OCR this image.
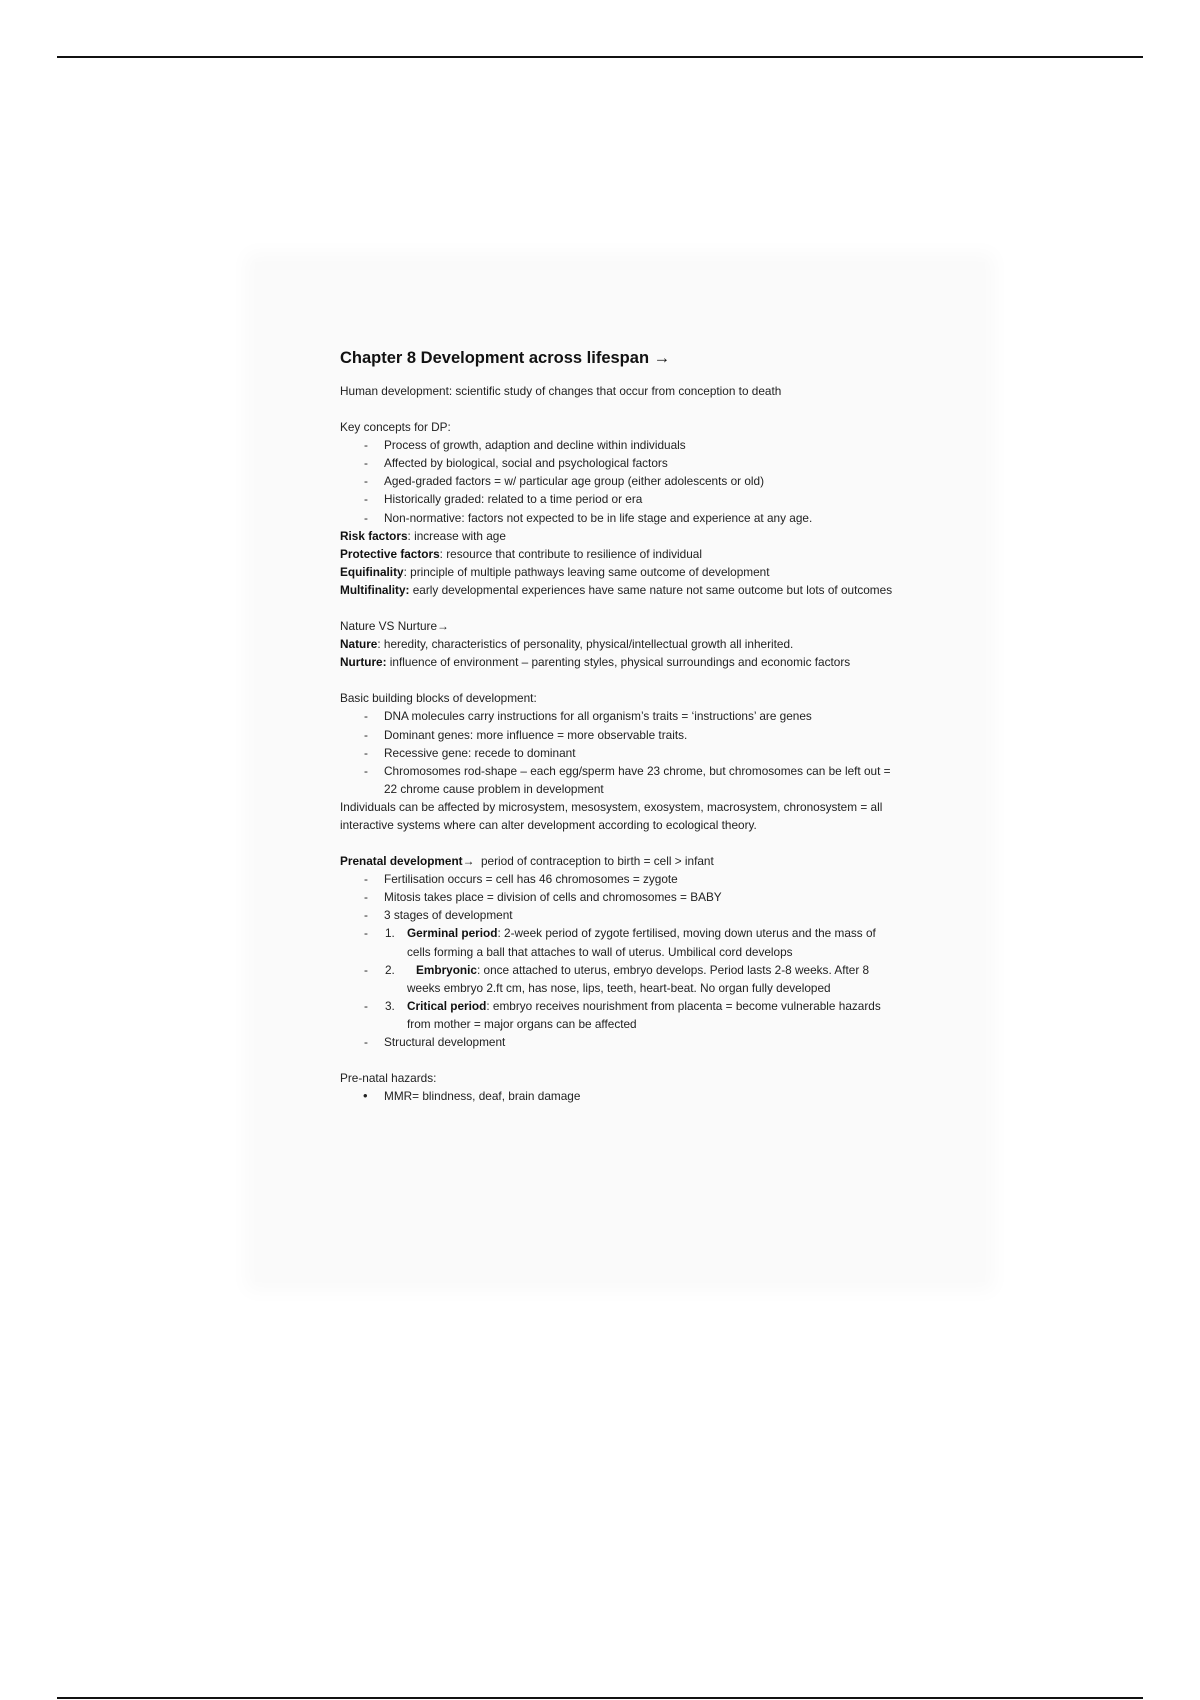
Chapter 8 Development across lifespan →

Human development: scientific study of changes that occur from conception to death

Key concepts for DP:

- Process of growth, adaption and decline within individuals
- Affected by biological, social and psychological factors
- Aged-graded factors = w/ particular age group (either adolescents or old)
- Historically graded: related to a time period or era
- Non-normative: factors not expected to be in life stage and experience at any age.

Risk factors: increase with age

Protective factors: resource that contribute to resilience of individual

Equifinality: principle of multiple pathways leaving same outcome of development

Multifinality: early developmental experiences have same nature not same outcome but lots of outcomes

Nature VS Nurture→

Nature: heredity, characteristics of personality, physical/intellectual growth all inherited.

Nurture: influence of environment – parenting styles, physical surroundings and economic factors

Basic building blocks of development:

- DNA molecules carry instructions for all organism’s traits = ‘instructions’ are genes
- Dominant genes: more influence = more observable traits.
- Recessive gene: recede to dominant
- Chromosomes rod-shape – each egg/sperm have 23 chrome, but chromosomes can be left out = 22 chrome cause problem in development

Individuals can be affected by microsystem, mesosystem, exosystem, macrosystem, chronosystem = all interactive systems where can alter development according to ecological theory.

Prenatal development→  period of contraception to birth = cell > infant

- Fertilisation occurs = cell has 46 chromosomes = zygote
- Mitosis takes place = division of cells and chromosomes = BABY
- 3 stages of development
- 1. Germinal period: 2-week period of zygote fertilised, moving down uterus and the mass of cells forming a ball that attaches to wall of uterus. Umbilical cord develops
- 2. Embryonic: once attached to uterus, embryo develops. Period lasts 2-8 weeks. After 8 weeks embryo 2.ft cm, has nose, lips, teeth, heart-beat. No organ fully developed
- 3. Critical period: embryo receives nourishment from placenta = become vulnerable hazards from mother = major organs can be affected
- Structural development

Pre-natal hazards:

• MMR= blindness, deaf, brain damage
